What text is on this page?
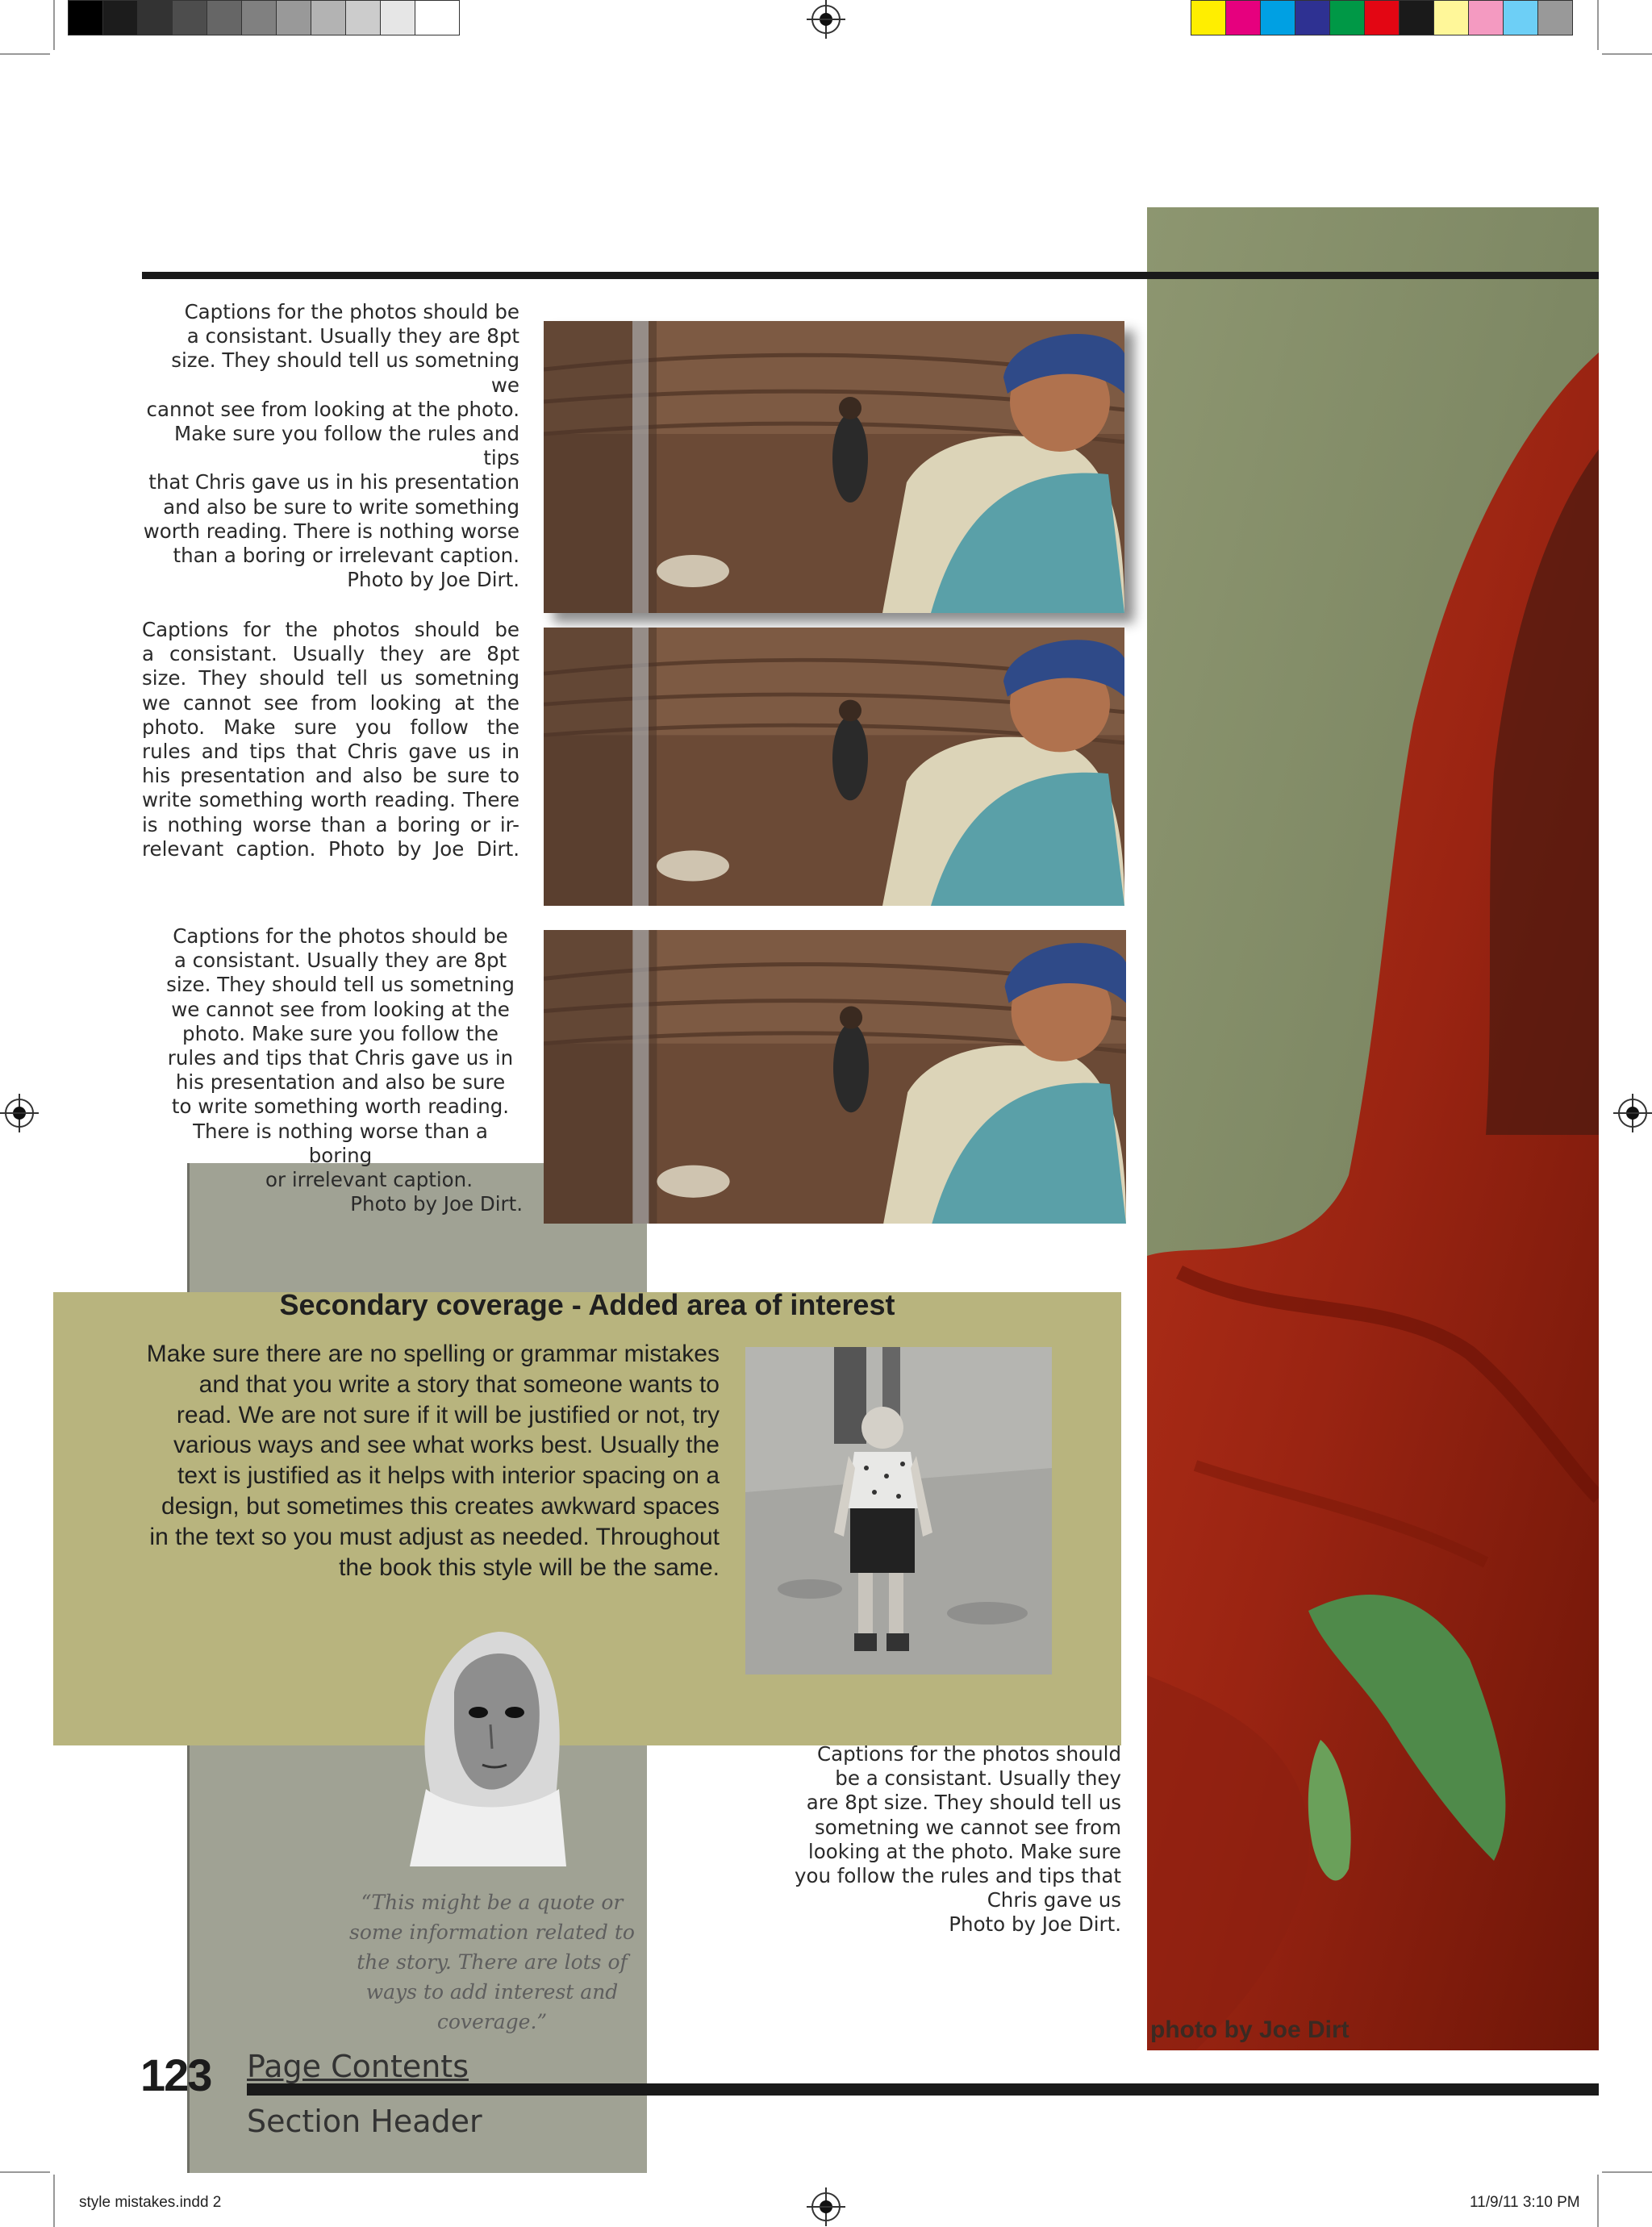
photo by Joe Dirt
Captions for the photos should be
a consistant. Usually they are 8pt
size. They should tell us sometning we
cannot see from looking at the photo.
Make sure you follow the rules and tips
that Chris gave us in his presentation
and also be sure to write something
worth reading. There is nothing worse
than a boring or irrelevant caption.
Photo by Joe Dirt.
Captions for the photos should be
a consistant. Usually they are 8pt
size. They should tell us sometning
we cannot see from looking at the
photo. Make sure you follow the
rules and tips that Chris gave us in
his presentation and also be sure to
write something worth reading. There
is nothing worse than a boring or ir-
relevant caption. Photo by Joe Dirt.
Captions for the photos should be
a consistant. Usually they are 8pt
size. They should tell us sometning
we cannot see from looking at the
photo. Make sure you follow the
rules and tips that Chris gave us in
his presentation and also be sure
to write something worth reading.
There is nothing worse than a boring
or irrelevant caption.
Photo by Joe Dirt.
Secondary coverage - Added area of interest
Make sure there are no spelling or grammar mistakes and that you write a story that someone wants to read. We are not sure if it will be justified or not, try various ways and see what works best. Usually the text is justified as it helps with interior spacing on a design, but sometimes this creates awkward spaces in the text so you must adjust as needed. Throughout the book this style will be the same.
Captions for the photos should
be a consistant. Usually they
are 8pt size. They should tell us
sometning we cannot see from
looking at the photo. Make sure
you follow the rules and tips that
Chris gave us
Photo by Joe Dirt.
“This might be a quote or some information related to the story. There are lots of ways to add interest and coverage.”
123 Page Contents
Section Header
style mistakes.indd 2	11/9/11 3:10 PM
